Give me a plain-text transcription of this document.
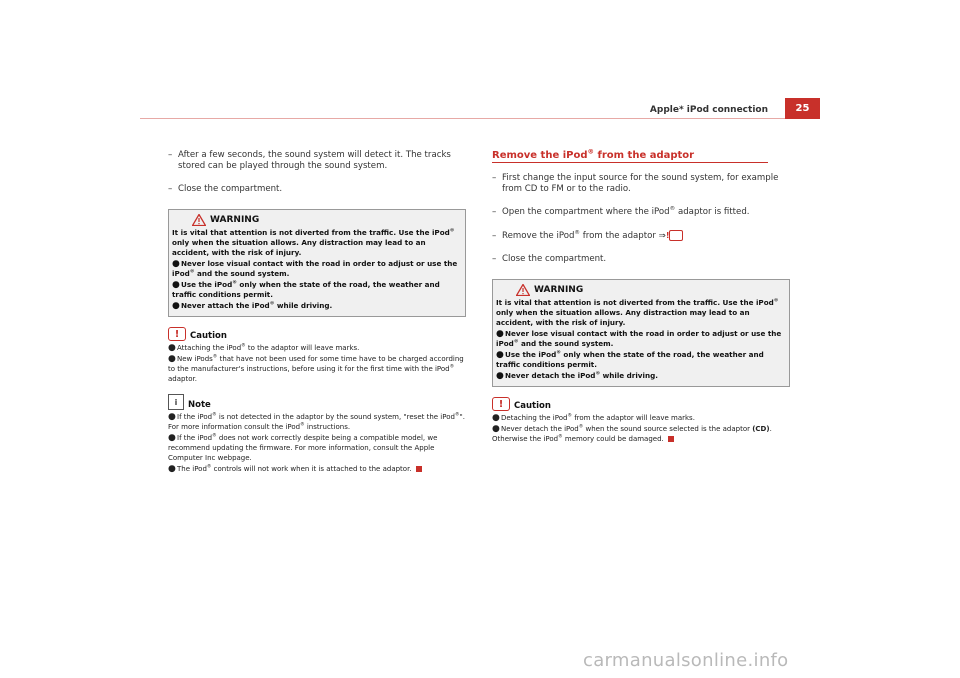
Apple* iPod connection	25
– After a few seconds, the sound system will detect it. The tracks stored can be played through the sound system.
– Close the compartment.
WARNING

It is vital that attention is not diverted from the traffic. Use the iPod® only when the situation allows. Any distraction may lead to an accident, with the risk of injury.

●Never lose visual contact with the road in order to adjust or use the iPod® and the sound system.

●Use the iPod® only when the state of the road, the weather and traffic conditions permit.

●Never attach the iPod® while driving.

!	Caution

●Attaching the iPod® to the adaptor will leave marks.

●New iPods® that have not been used for some time have to be charged according to the manufacturer's instructions, before using it for the first time with the iPod® adaptor.

i	Note

●If the iPod® is not detected in the adaptor by the sound system, "reset the iPod®". For more information consult the iPod® instructions.

●If the iPod® does not work correctly despite being a compatible model, we recommend updating the firmware. For more information, consult the Apple Computer Inc webpage.

●The iPod® controls will not work when it is attached to the adaptor.

Remove the iPod® from the adaptor
– First change the input source for the sound system, for example from CD to FM or to the radio.
– Open the compartment where the iPod® adaptor is fitted.
– Remove the iPod® from the adaptor ⇒!
– Close the compartment.
WARNING

It is vital that attention is not diverted from the traffic. Use the iPod® only when the situation allows. Any distraction may lead to an accident, with the risk of injury.

●Never lose visual contact with the road in order to adjust or use the iPod® and the sound system.

●Use the iPod® only when the state of the road, the weather and traffic conditions permit.

●Never detach the iPod® while driving.

!	Caution

●Detaching the iPod® from the adaptor will leave marks.

●Never detach the iPod® when the sound source selected is the adaptor (CD). Otherwise the iPod® memory could be damaged.

carmanualsonline.info
